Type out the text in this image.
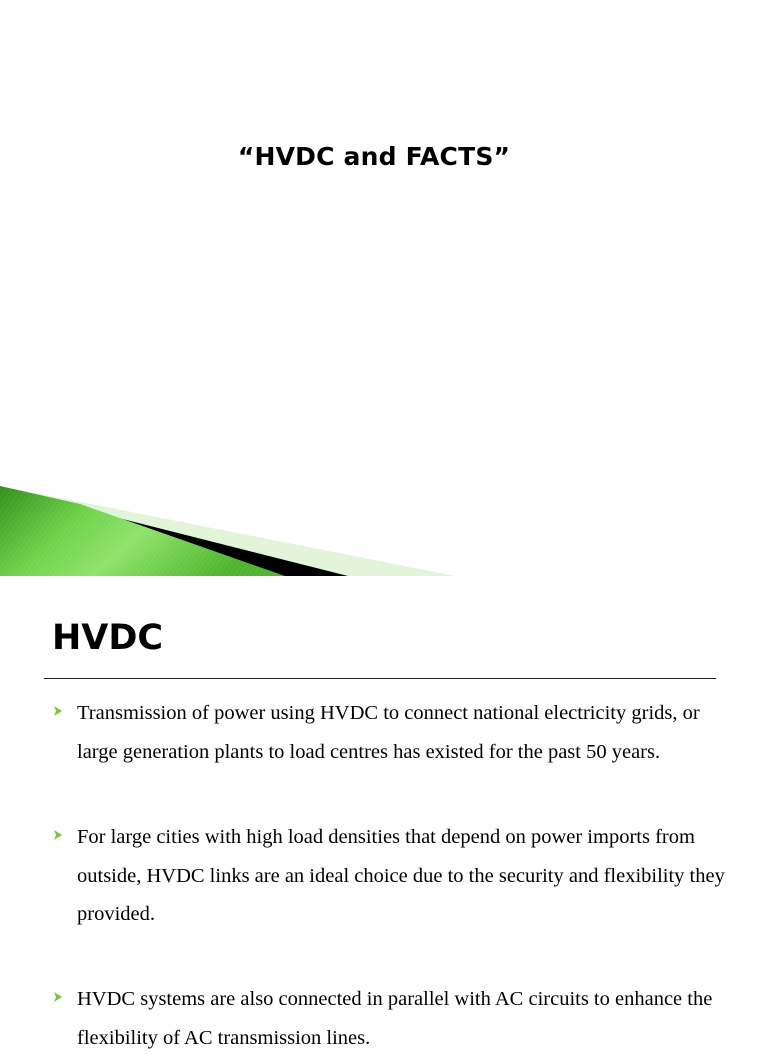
“HVDC and FACTS”
HVDC
Transmission of power using HVDC to connect national electricity grids, or large generation plants to load centres has existed for the past 50 years.
For large cities with high load densities that depend on power imports from outside, HVDC links are an ideal choice due to the security and flexibility they provided.
HVDC systems are also connected in parallel with AC circuits to enhance the flexibility of AC transmission lines.
